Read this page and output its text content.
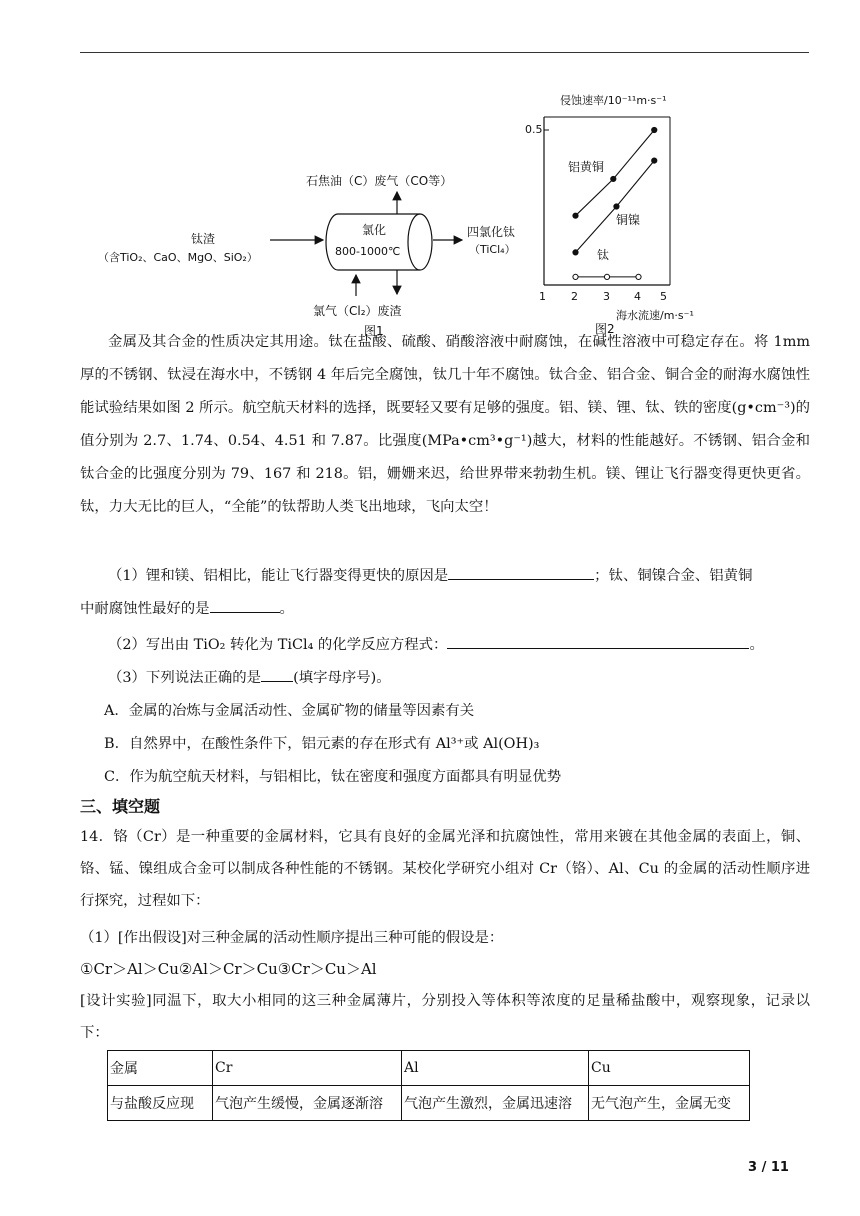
石焦油（C）废气（CO等）
钛渣
（含TiO₂、CaO、MgO、SiO₂）
氯化
800-1000℃
四氯化钛
（TiCl₄）
氯气（Cl₂）废渣
图1
侵蚀速率/10⁻¹¹m·s⁻¹
0.5
1 2 3 4 5
海水流速/m·s⁻¹
图2
铝黄铜
铜镍
钛

金属及其合金的性质决定其用途。钛在盐酸、硫酸、硝酸溶液中耐腐蚀，在碱性溶液中可稳定存在。将 1mm 厚的不锈钢、钛浸在海水中，不锈钢 4 年后完全腐蚀，钛几十年不腐蚀。钛合金、铝合金、铜合金的耐海水腐蚀性能试验结果如图 2 所示。航空航天材料的选择，既要轻又要有足够的强度。铝、镁、锂、钛、铁的密度(g•cm⁻³)的值分别为 2.7、1.74、0.54、4.51 和 7.87。比强度(MPa•cm³•g⁻¹)越大，材料的性能越好。不锈钢、铝合金和钛合金的比强度分别为 79、167 和 218。铝，姗姗来迟，给世界带来勃勃生机。镁、锂让飞行器变得更快更省。钛，力大无比的巨人，“全能”的钛帮助人类飞出地球，飞向太空！

（1）锂和镁、铝相比，能让飞行器变得更快的原因是	；钛、铜镍合金、铝黄铜
中耐腐蚀性最好的是	。
（2）写出由 TiO₂ 转化为 TiCl₄ 的化学反应方程式：	。
（3）下列说法正确的是 (填字母序号)。
A．金属的冶炼与金属活动性、金属矿物的储量等因素有关
B．自然界中，在酸性条件下，铝元素的存在形式有 Al³⁺或 Al(OH)₃
C．作为航空航天材料，与铝相比，钛在密度和强度方面都具有明显优势
三、填空题

14．铬（Cr）是一种重要的金属材料，它具有良好的金属光泽和抗腐蚀性，常用来镀在其他金属的表面上，铜、铬、锰、镍组成合金可以制成各种性能的不锈钢。某校化学研究小组对 Cr（铬）、Al、Cu 的金属的活动性顺序进行探究，过程如下：

（1）[作出假设]对三种金属的活动性顺序提出三种可能的假设是：
①Cr＞Al＞Cu②Al＞Cr＞Cu③Cr＞Cu＞Al

[设计实验]同温下，取大小相同的这三种金属薄片，分别投入等体积等浓度的足量稀盐酸中，观察现象，记录以下：

金属	Cr	Al	Cu
与盐酸反应现	气泡产生缓慢，金属逐渐溶	气泡产生激烈，金属迅速溶	无气泡产生，金属无变
3 / 11
